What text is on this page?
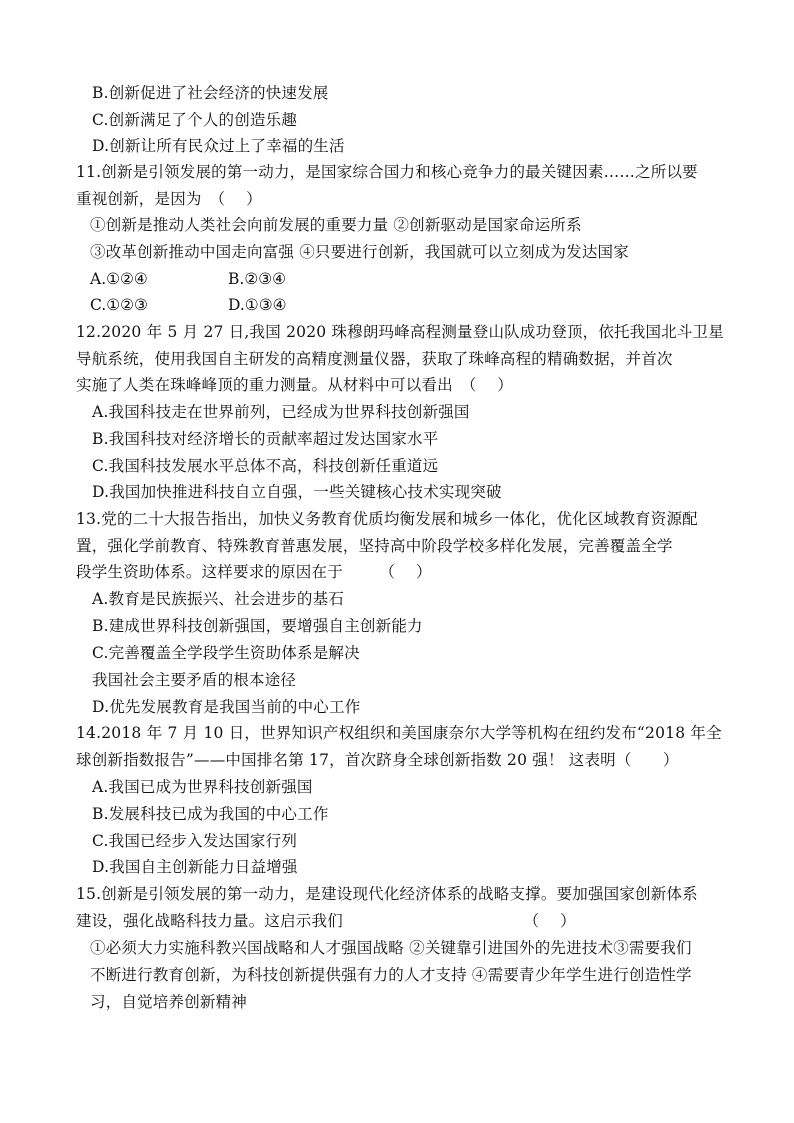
B.创新促进了社会经济的快速发展
C.创新满足了个人的创造乐趣
D.创新让所有民众过上了幸福的生活
11.创新是引领发展的第一动力，是国家综合国力和核心竞争力的最关键因素……之所以要
重视创新，是因为　（　 ）
①创新是推动人类社会向前发展的重要力量 ②创新驱动是国家命运所系
③改革创新推动中国走向富强 ④只要进行创新，我国就可以立刻成为发达国家
A.①②④	B.②③④
C.①②③	D.①③④
12.2020 年 5 月 27 日,我国 2020 珠穆朗玛峰高程测量登山队成功登顶，依托我国北斗卫星
导航系统，使用我国自主研发的高精度测量仪器，获取了珠峰高程的精确数据，并首次
实施了人类在珠峰峰顶的重力测量。从材料中可以看出　（　 ）
A.我国科技走在世界前列，已经成为世界科技创新强国
B.我国科技对经济增长的贡献率超过发达国家水平
C.我国科技发展水平总体不高，科技创新任重道远
D.我国加快推进科技自立自强，一些关键核心技术实现突破
13.党的二十大报告指出，加快义务教育优质均衡发展和城乡一体化，优化区域教育资源配
置，强化学前教育、特殊教育普惠发展，坚持高中阶段学校多样化发展，完善覆盖全学
段学生资助体系。这样要求的原因在于　　 （　 ）
A.教育是民族振兴、社会进步的基石
B.建成世界科技创新强国，要增强自主创新能力
C.完善覆盖全学段学生资助体系是解决
我国社会主要矛盾的根本途径
D.优先发展教育是我国当前的中心工作
14.2018 年 7 月 10 日，世界知识产权组织和美国康奈尔大学等机构在纽约发布“2018 年全
球创新指数报告”——中国排名第 17，首次跻身全球创新指数 20 强！ 这表明（　　）
A.我国已成为世界科技创新强国
B.发展科技已成为我国的中心工作
C.我国已经步入发达国家行列
D.我国自主创新能力日益增强
15.创新是引领发展的第一动力，是建设现代化经济体系的战略支撑。要加强国家创新体系
建设，强化战略科技力量。这启示我们　　　　　　　　　　　　（　 ）
①必须大力实施科教兴国战略和人才强国战略 ②关键靠引进国外的先进技术③需要我们
不断进行教育创新，为科技创新提供强有力的人才支持 ④需要青少年学生进行创造性学
习，自觉培养创新精神
